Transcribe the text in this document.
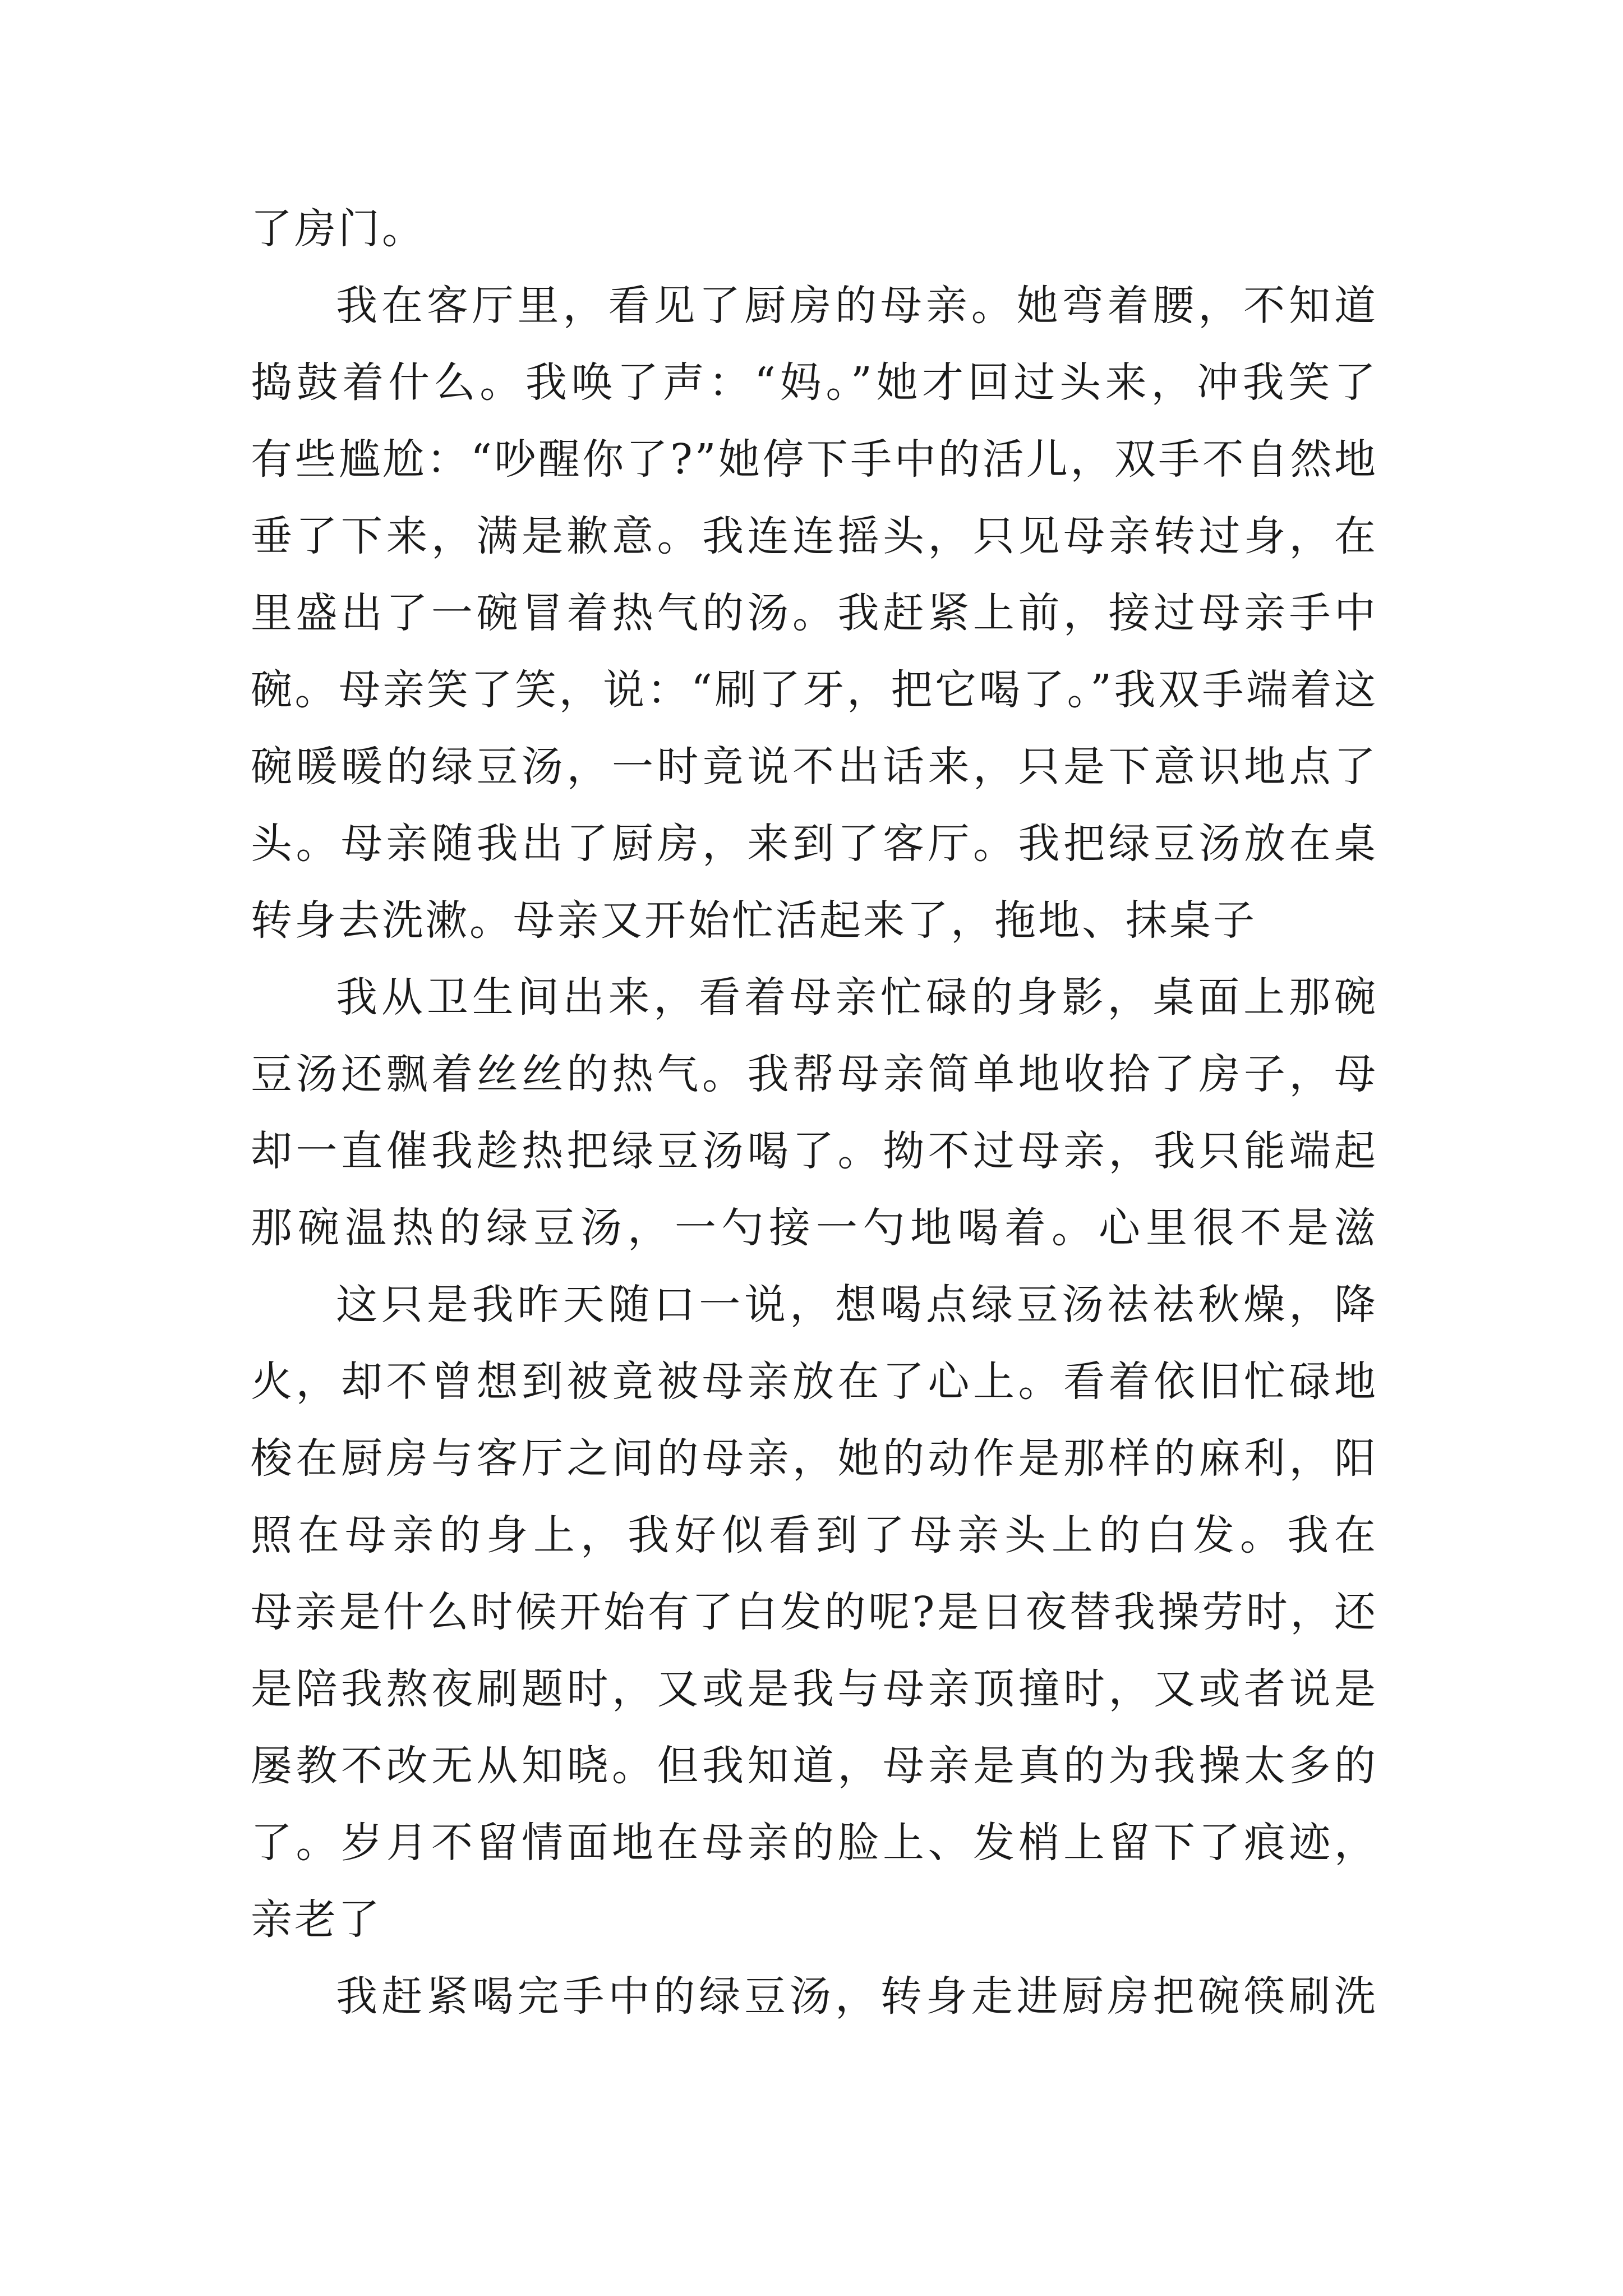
了房门。
我在客厅里，看见了厨房的母亲。她弯着腰，不知道
捣鼓着什么。我唤了声：“妈。”她才回过头来，冲我笑了
有些尴尬：“吵醒你了?”她停下手中的活儿，双手不自然地
垂了下来，满是歉意。我连连摇头，只见母亲转过身，在
里盛出了一碗冒着热气的汤。我赶紧上前，接过母亲手中
碗。母亲笑了笑，说：“刷了牙，把它喝了。”我双手端着这
碗暖暖的绿豆汤，一时竟说不出话来，只是下意识地点了
头。母亲随我出了厨房，来到了客厅。我把绿豆汤放在桌
转身去洗漱。母亲又开始忙活起来了，拖地、抹桌子
我从卫生间出来，看着母亲忙碌的身影，桌面上那碗
豆汤还飘着丝丝的热气。我帮母亲简单地收拾了房子，母
却一直催我趁热把绿豆汤喝了。拗不过母亲，我只能端起
那碗温热的绿豆汤，一勺接一勺地喝着。心里很不是滋
这只是我昨天随口一说，想喝点绿豆汤祛祛秋燥，降
火，却不曾想到被竟被母亲放在了心上。看着依旧忙碌地
梭在厨房与客厅之间的母亲，她的动作是那样的麻利，阳
照在母亲的身上，我好似看到了母亲头上的白发。我在
母亲是什么时候开始有了白发的呢?是日夜替我操劳时，还
是陪我熬夜刷题时，又或是我与母亲顶撞时，又或者说是
屡教不改无从知晓。但我知道，母亲是真的为我操太多的
了。岁月不留情面地在母亲的脸上、发梢上留下了痕迹，
亲老了
我赶紧喝完手中的绿豆汤，转身走进厨房把碗筷刷洗
